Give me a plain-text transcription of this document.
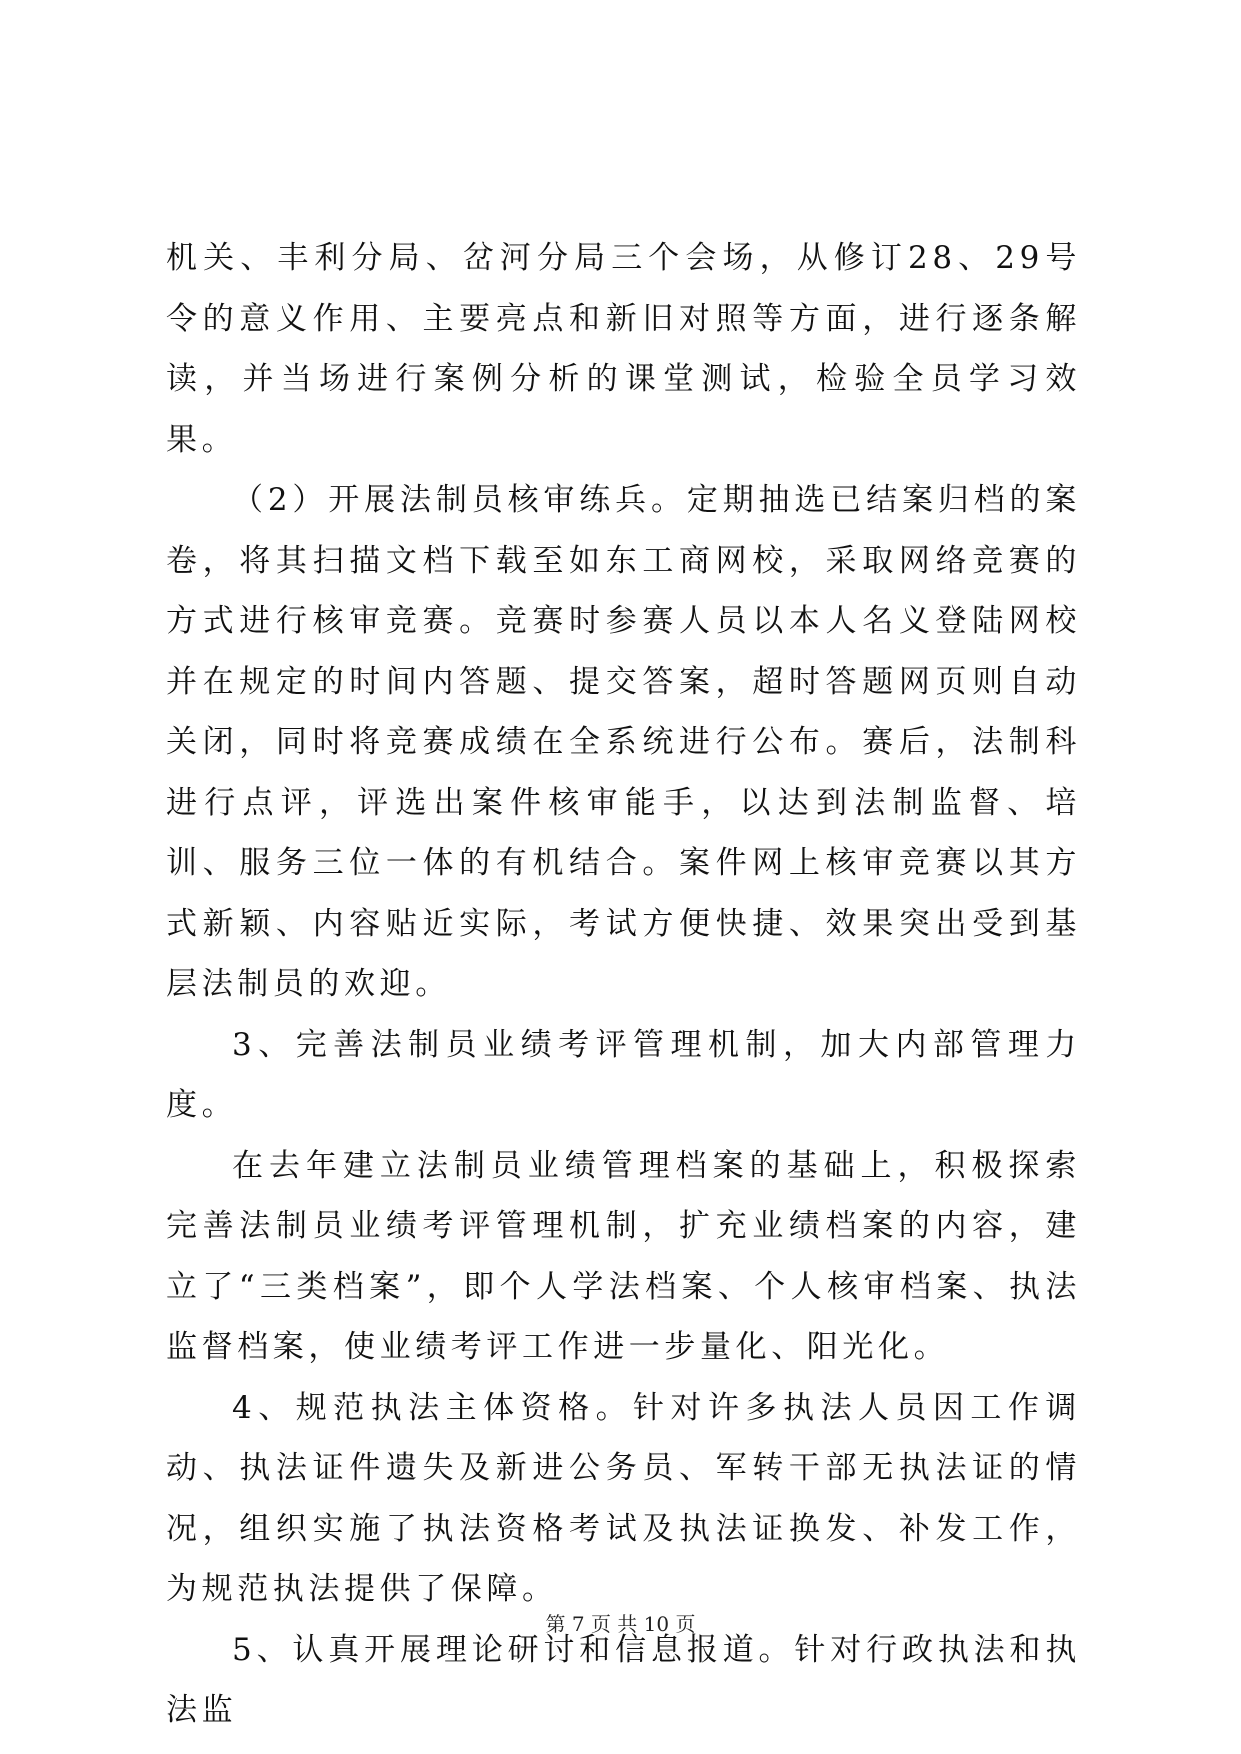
机关、丰利分局、岔河分局三个会场，从修订28、29号令的意义作用、主要亮点和新旧对照等方面，进行逐条解读，并当场进行案例分析的课堂测试，检验全员学习效果。

（2）开展法制员核审练兵。定期抽选已结案归档的案卷，将其扫描文档下载至如东工商网校，采取网络竞赛的方式进行核审竞赛。竞赛时参赛人员以本人名义登陆网校并在规定的时间内答题、提交答案，超时答题网页则自动关闭，同时将竞赛成绩在全系统进行公布。赛后，法制科进行点评，评选出案件核审能手，以达到法制监督、培训、服务三位一体的有机结合。案件网上核审竞赛以其方式新颖、内容贴近实际，考试方便快捷、效果突出受到基层法制员的欢迎。

3、完善法制员业绩考评管理机制，加大内部管理力度。

在去年建立法制员业绩管理档案的基础上，积极探索完善法制员业绩考评管理机制，扩充业绩档案的内容，建立了“三类档案”，即个人学法档案、个人核审档案、执法监督档案，使业绩考评工作进一步量化、阳光化。

4、规范执法主体资格。针对许多执法人员因工作调动、执法证件遗失及新进公务员、军转干部无执法证的情况，组织实施了执法资格考试及执法证换发、补发工作，为规范执法提供了保障。

5、认真开展理论研讨和信息报道。针对行政执法和执法监

第 7 页 共 10 页
